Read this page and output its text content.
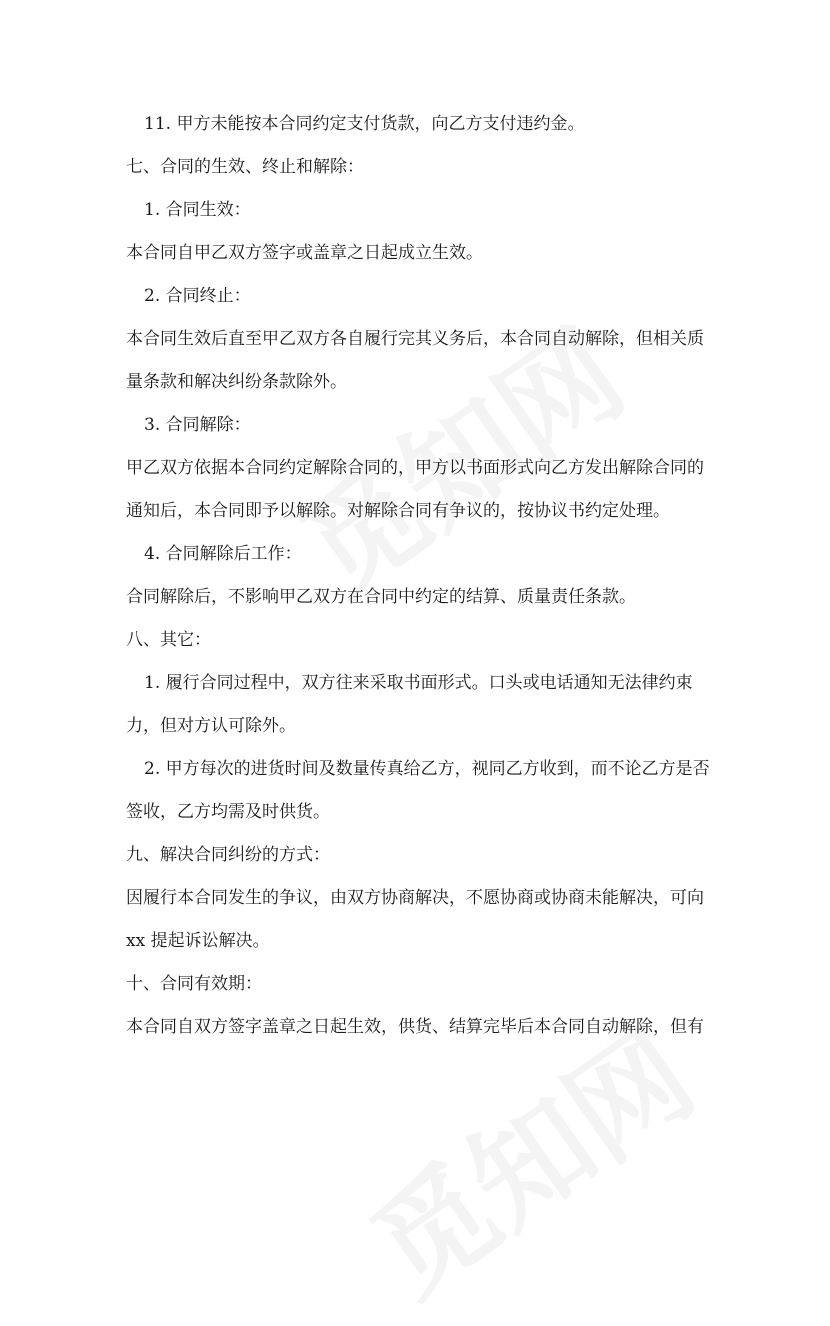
11. 甲方未能按本合同约定支付货款，向乙方支付违约金。
七、合同的生效、终止和解除：
1. 合同生效：
本合同自甲乙双方签字或盖章之日起成立生效。
2. 合同终止：
本合同生效后直至甲乙双方各自履行完其义务后，本合同自动解除，但相关质
量条款和解决纠纷条款除外。
3. 合同解除：
甲乙双方依据本合同约定解除合同的，甲方以书面形式向乙方发出解除合同的
通知后，本合同即予以解除。对解除合同有争议的，按协议书约定处理。
4. 合同解除后工作：
合同解除后，不影响甲乙双方在合同中约定的结算、质量责任条款。
八、其它：
1. 履行合同过程中，双方往来采取书面形式。口头或电话通知无法律约束
力，但对方认可除外。
2. 甲方每次的进货时间及数量传真给乙方，视同乙方收到，而不论乙方是否
签收，乙方均需及时供货。
九、解决合同纠纷的方式：
因履行本合同发生的争议，由双方协商解决，不愿协商或协商未能解决，可向
xx 提起诉讼解决。
十、合同有效期：
本合同自双方签字盖章之日起生效，供货、结算完毕后本合同自动解除，但有
